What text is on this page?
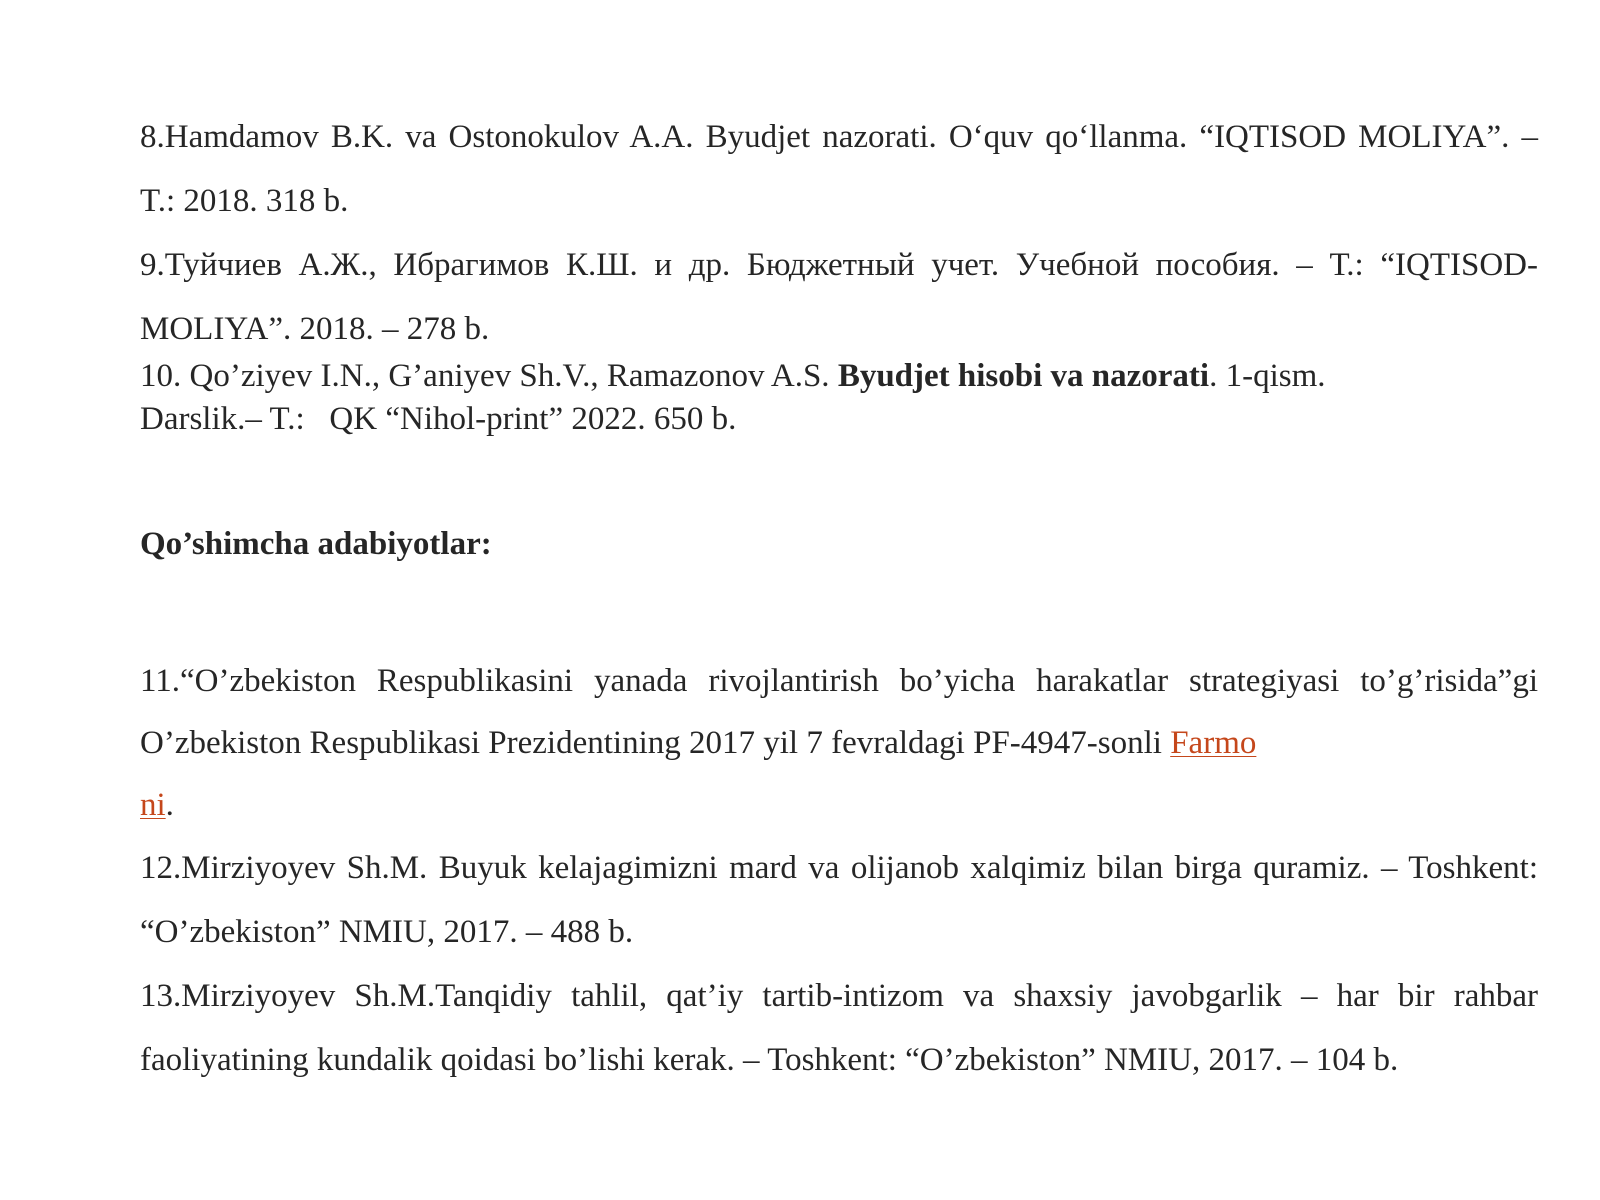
8.Hamdamov B.K. va Ostonokulov A.A. Byudjet nazorati. O‘quv qo‘llanma. “IQTISOD MOLIYA”. – T.: 2018. 318 b.

9.Туйчиев А.Ж., Ибрагимов К.Ш. и др. Бюджетный учет. Учебной пособия. – Т.: “IQTISOD-MOLIYA”. 2018. – 278 b.

10. Qo’ziyev I.N., G’aniyev Sh.V., Ramazonov A.S. Byudjet hisobi va nazorati. 1-qism.
Darslik.– T.:   QK “Nihol-print” 2022. 650 b.

Qo’shimcha adabiyotlar:

11.“O’zbekiston Respublikasini yanada rivojlantirish bo’yicha harakatlar strategiyasi to’g’risida”gi O’zbekiston Respublikasi Prezidentining 2017 yil 7 fevraldagi PF-4947-sonli Farmo
ni.

12.Mirziyoyev Sh.M. Buyuk kelajagimizni mard va olijanob xalqimiz bilan birga quramiz. – Toshkent: “O’zbekiston” NMIU, 2017. – 488 b.

13.Mirziyoyev Sh.M.Tanqidiy tahlil, qat’iy tartib-intizom va shaxsiy javobgarlik – har bir rahbar faoliyatining kundalik qoidasi bo’lishi kerak. – Toshkent: “O’zbekiston” NMIU, 2017. – 104 b.
